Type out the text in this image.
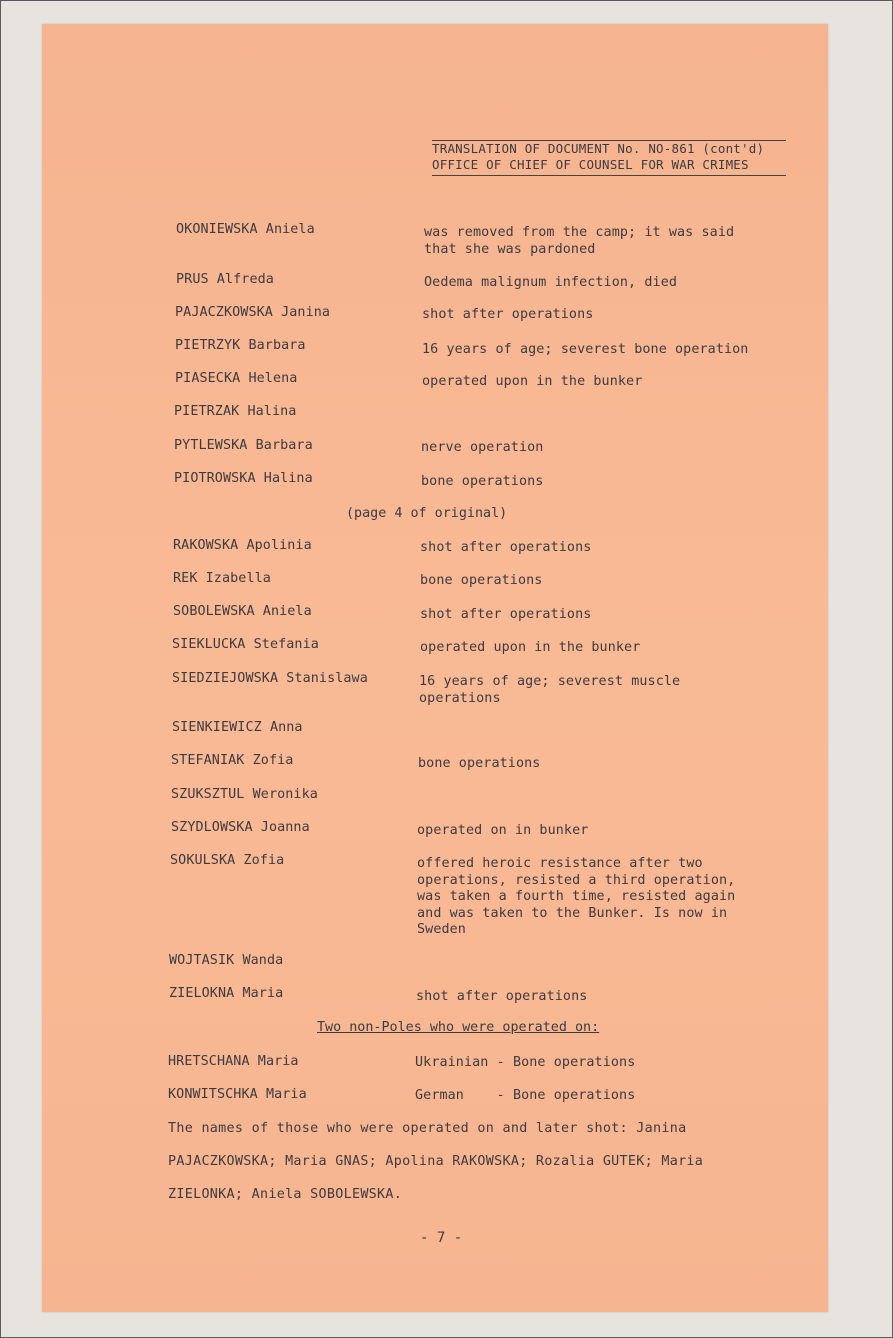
TRANSLATION OF DOCUMENT No. NO-861 (cont'd)
OFFICE OF CHIEF OF COUNSEL FOR WAR CRIMES
OKONIEWSKA Aniela	was removed from the camp; it was said that she was pardoned
PRUS Alfreda	Oedema malignum infection, died
PAJACZKOWSKA Janina	shot after operations
PIETRZYK Barbara	16 years of age; severest bone operation
PIASECKA Helena	operated upon in the bunker
PIETRZAK Halina
PYTLEWSKA Barbara	nerve operation
PIOTROWSKA Halina	bone operations
(page 4 of original)
RAKOWSKA Apolinia	shot after operations
REK Izabella	bone operations
SOBOLEWSKA Aniela	shot after operations
SIEKLUCKA Stefania	operated upon in the bunker
SIEDZIEJOWSKA Stanislawa	16 years of age; severest muscle operations
SIENKIEWICZ Anna
STEFANIAK Zofia	bone operations
SZUKSZTUL Weronika
SZYDLOWSKA Joanna	operated on in bunker
SOKULSKA Zofia	offered heroic resistance after two operations, resisted a third operation, was taken a fourth time, resisted again and was taken to the Bunker. Is now in Sweden
WOJTASIK Wanda
ZIELOKNA Maria	shot after operations
Two non-Poles who were operated on:
HRETSCHANA Maria	Ukrainian - Bone operations
KONWITSCHKA Maria	German    - Bone operations
The names of those who were operated on and later shot: Janina
PAJACZKOWSKA; Maria GNAS; Apolina RAKOWSKA; Rozalia GUTEK; Maria
ZIELONKA; Aniela SOBOLEWSKA.
- 7 -
